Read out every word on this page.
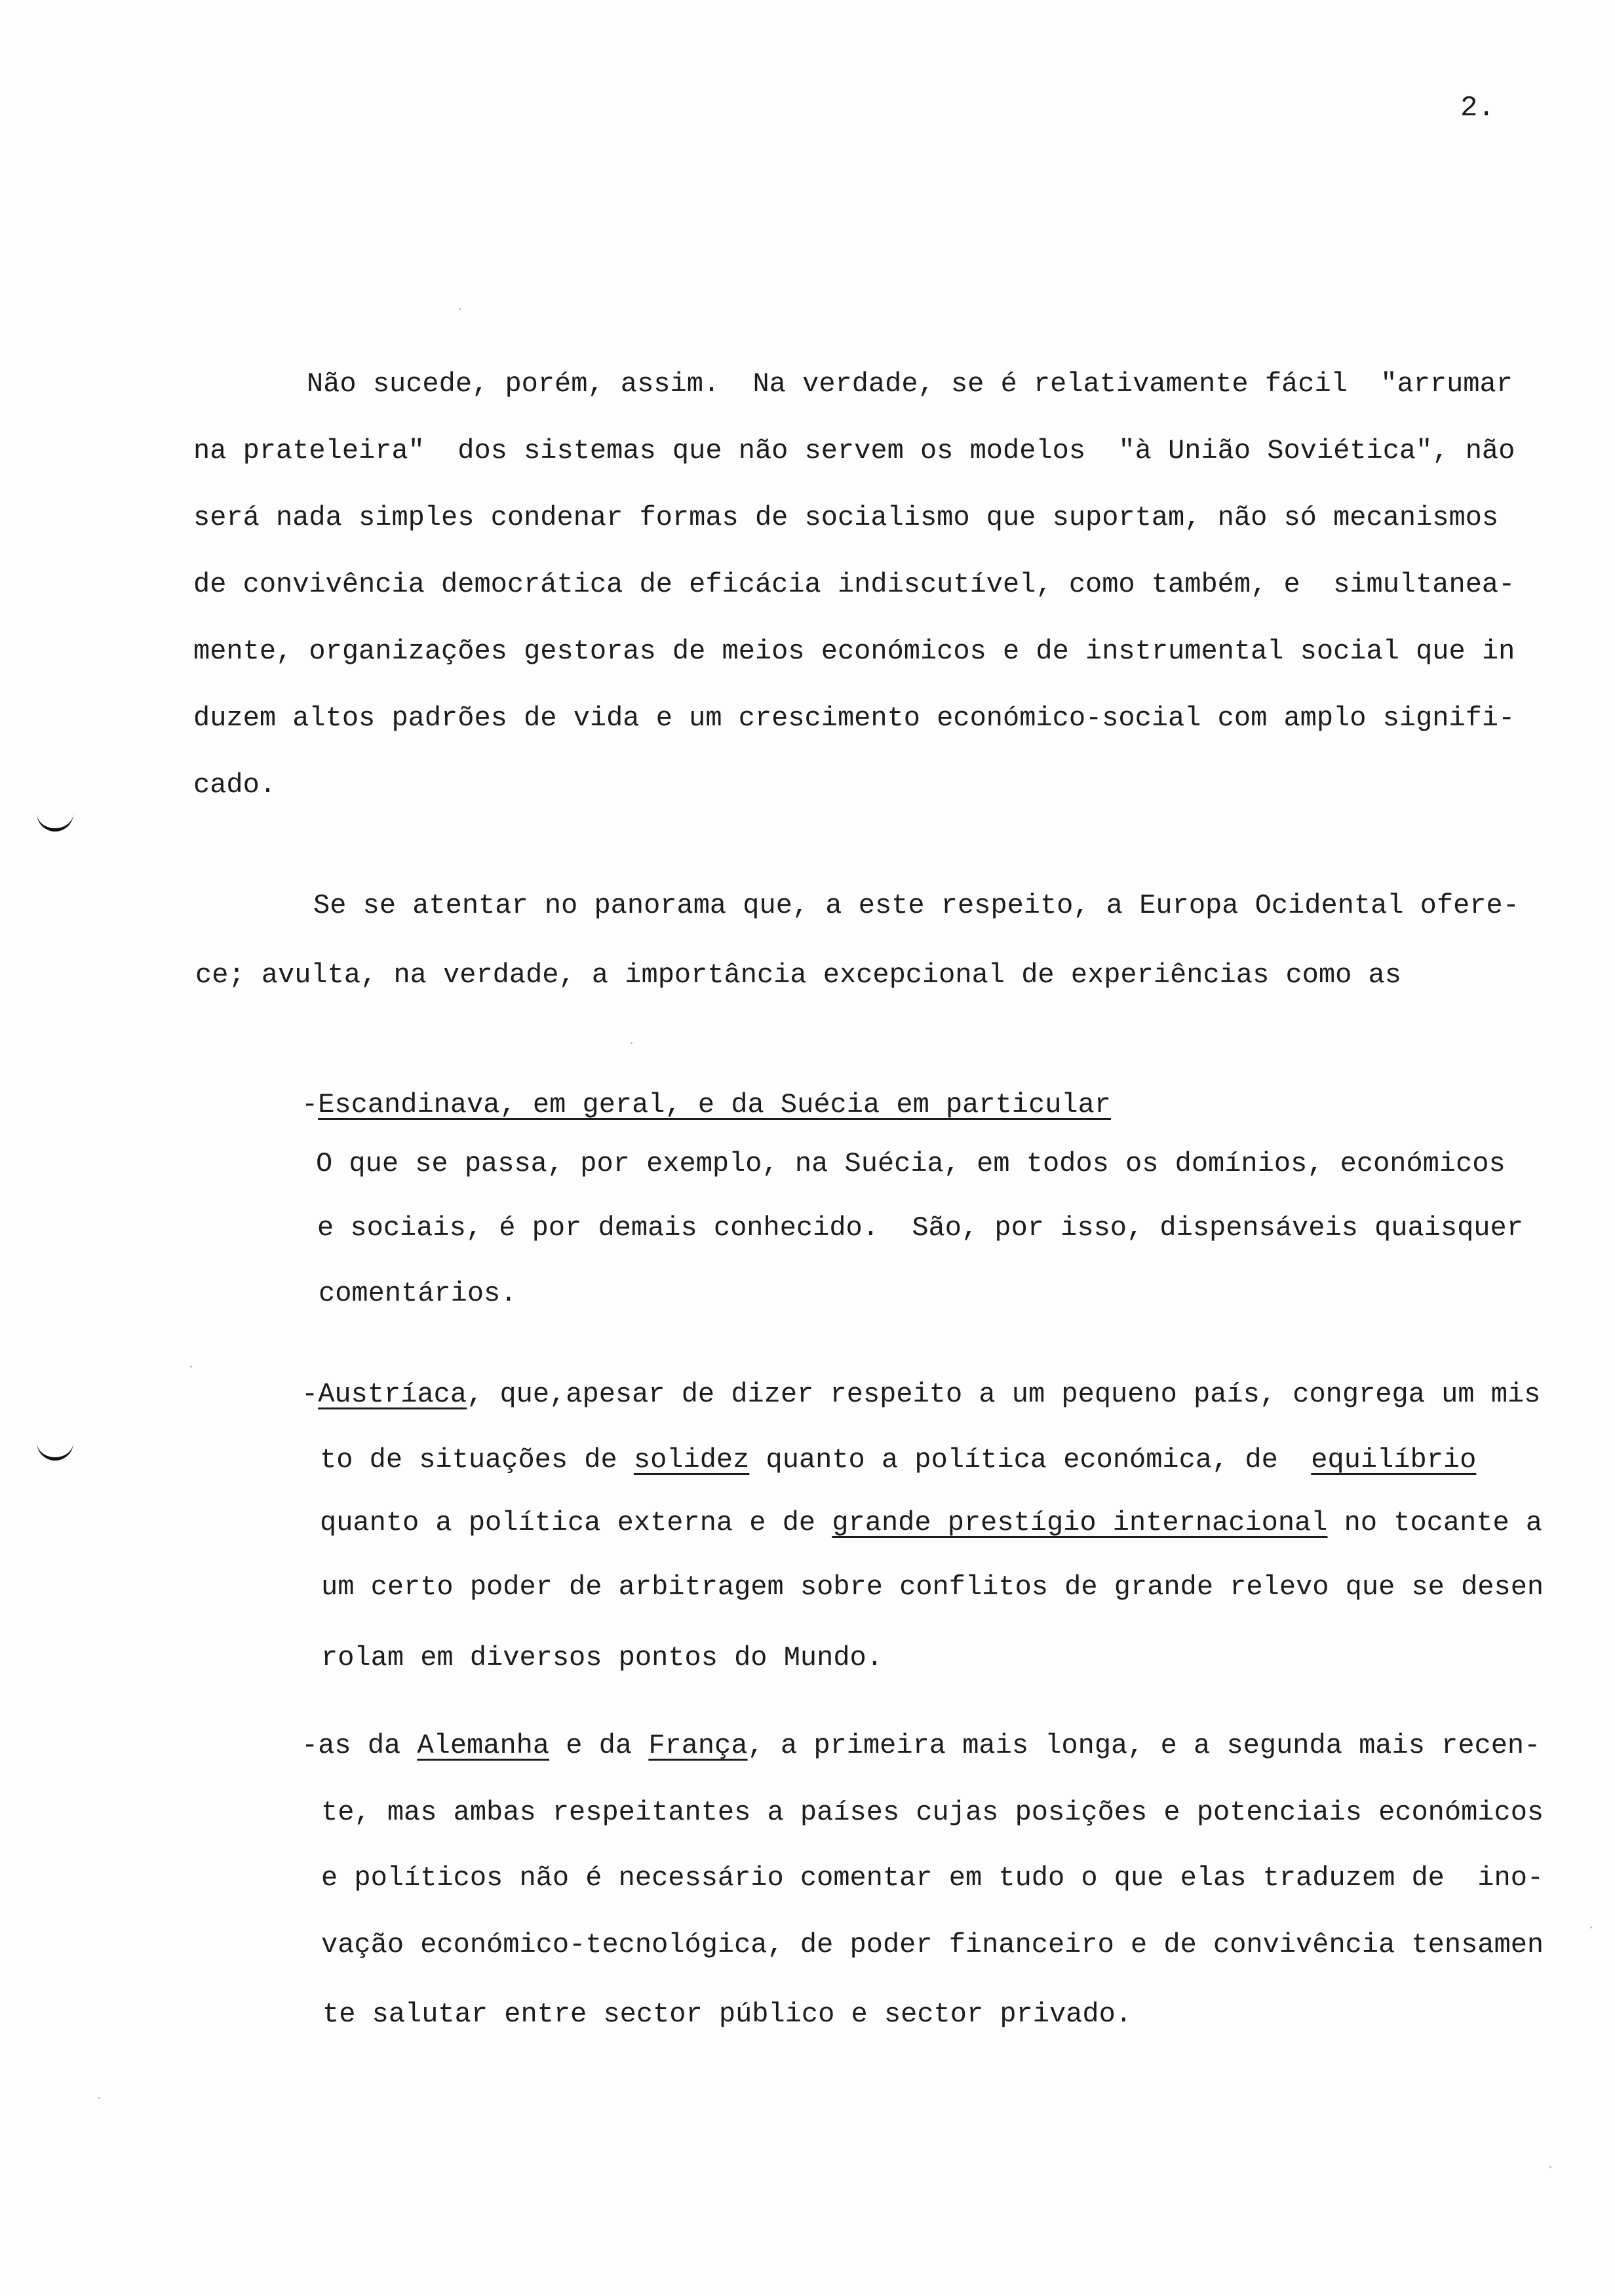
2.
Não sucede, porém, assim.  Na verdade, se é relativamente fácil  "arrumar
na prateleira"  dos sistemas que não servem os modelos  "à União Soviética", não
será nada simples condenar formas de socialismo que suportam, não só mecanismos
de convivência democrática de eficácia indiscutível, como também, e  simultanea-
mente, organizações gestoras de meios económicos e de instrumental social que in
duzem altos padrões de vida e um crescimento económico-social com amplo signifi-
cado.
Se se atentar no panorama que, a este respeito, a Europa Ocidental ofere-
ce; avulta, na verdade, a importância excepcional de experiências como as
-Escandinava, em geral, e da Suécia em particular
O que se passa, por exemplo, na Suécia, em todos os domínios, económicos
e sociais, é por demais conhecido.  São, por isso, dispensáveis quaisquer
comentários.
-Austríaca, que,apesar de dizer respeito a um pequeno país, congrega um mis
to de situações de solidez quanto a política económica, de  equilíbrio
quanto a política externa e de grande prestígio internacional no tocante a
um certo poder de arbitragem sobre conflitos de grande relevo que se desen
rolam em diversos pontos do Mundo.
-as da Alemanha e da França, a primeira mais longa, e a segunda mais recen-
te, mas ambas respeitantes a países cujas posições e potenciais económicos
e políticos não é necessário comentar em tudo o que elas traduzem de  ino-
vação económico-tecnológica, de poder financeiro e de convivência tensamen
te salutar entre sector público e sector privado.
